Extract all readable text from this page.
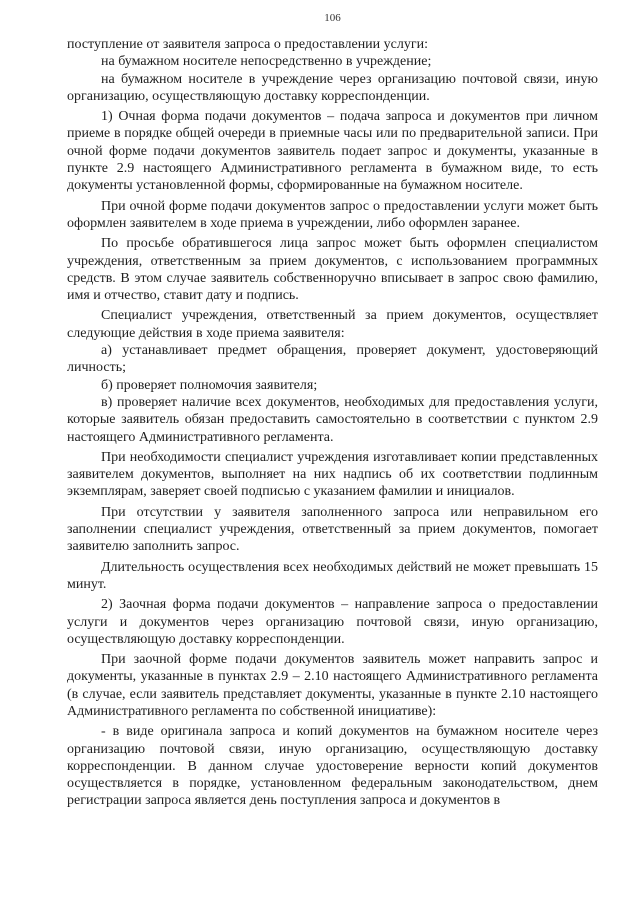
106

поступление от заявителя запроса о предоставлении услуги:

на бумажном носителе непосредственно в учреждение;

на бумажном носителе в учреждение через организацию почтовой связи, иную организацию, осуществляющую доставку корреспонденции.

1) Очная форма подачи документов – подача запроса и документов при личном приеме в порядке общей очереди в приемные часы или по предварительной записи. При очной форме подачи документов заявитель подает запрос и документы, указанные в пункте 2.9 настоящего Административного регламента в бумажном виде, то есть документы установленной формы, сформированные на бумажном носителе.

При очной форме подачи документов запрос о предоставлении услуги может быть оформлен заявителем в ходе приема в учреждении, либо оформлен заранее.

По просьбе обратившегося лица запрос может быть оформлен специалистом учреждения, ответственным за прием документов, с использованием программных средств. В этом случае заявитель собственноручно вписывает в запрос свою фамилию, имя и отчество, ставит дату и подпись.

Специалист учреждения, ответственный за прием документов, осуществляет следующие действия в ходе приема заявителя:

а) устанавливает предмет обращения, проверяет документ, удостоверяющий личность;

б) проверяет полномочия заявителя;

в) проверяет наличие всех документов, необходимых для предоставления услуги, которые заявитель обязан предоставить самостоятельно в соответствии с пунктом 2.9 настоящего Административного регламента.

При необходимости специалист учреждения изготавливает копии представленных заявителем документов, выполняет на них надпись об их соответствии подлинным экземплярам, заверяет своей подписью с указанием фамилии и инициалов.

При отсутствии у заявителя заполненного запроса или неправильном его заполнении специалист учреждения, ответственный за прием документов, помогает заявителю заполнить запрос.

Длительность осуществления всех необходимых действий не может превышать 15 минут.

2) Заочная форма подачи документов – направление запроса о предоставлении услуги и документов через организацию почтовой связи, иную организацию, осуществляющую доставку корреспонденции.

При заочной форме подачи документов заявитель может направить запрос и документы, указанные в пунктах 2.9 – 2.10 настоящего Административного регламента (в случае, если заявитель представляет документы, указанные в пункте 2.10 настоящего Административного регламента по собственной инициативе):

- в виде оригинала запроса и копий документов на бумажном носителе через организацию почтовой связи, иную организацию, осуществляющую доставку корреспонденции. В данном случае удостоверение верности копий документов осуществляется в порядке, установленном федеральным законодательством, днем регистрации запроса является день поступления запроса и документов в
